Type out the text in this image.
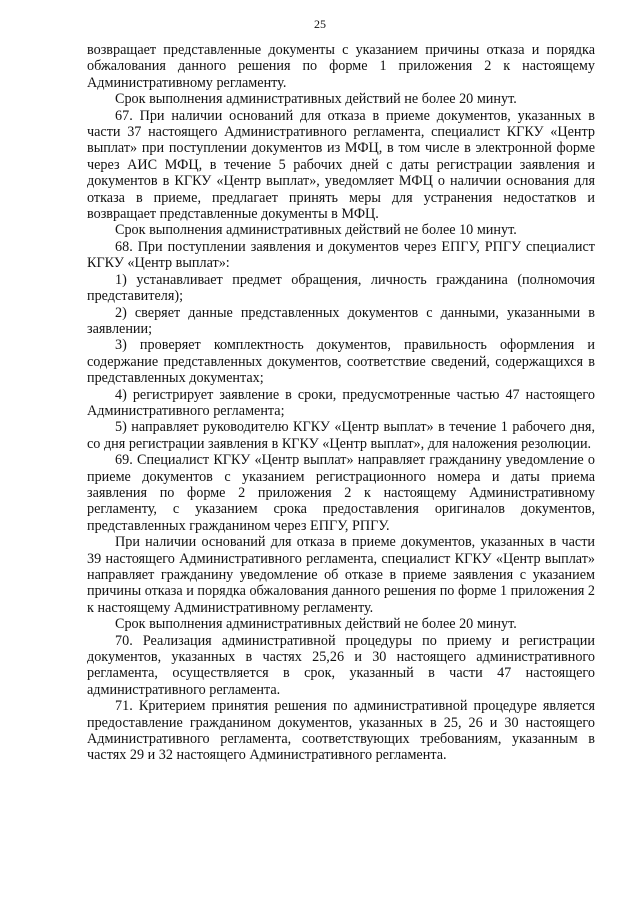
25

возвращает представленные документы с указанием причины отказа и порядка обжалования данного решения по форме 1 приложения 2 к настоящему Административному регламенту.

Срок выполнения административных действий не более 20 минут.

67. При наличии оснований для отказа в приеме документов, указанных в части 37 настоящего Административного регламента, специалист КГКУ «Центр выплат» при поступлении документов из МФЦ, в том числе в электронной форме через АИС МФЦ, в течение 5 рабочих дней с даты регистрации заявления и документов в КГКУ «Центр выплат», уведомляет МФЦ о наличии основания для отказа в приеме, предлагает принять меры для устранения недостатков и возвращает представленные документы в МФЦ.

Срок выполнения административных действий не более 10 минут.

68. При поступлении заявления и документов через ЕПГУ, РПГУ специалист КГКУ «Центр выплат»:

1) устанавливает предмет обращения, личность гражданина (полномочия представителя);

2) сверяет данные представленных документов с данными, указанными в заявлении;

3) проверяет комплектность документов, правильность оформления и содержание представленных документов, соответствие сведений, содержащихся в представленных документах;

4) регистрирует заявление в сроки, предусмотренные частью 47 настоящего Административного регламента;

5) направляет руководителю КГКУ «Центр выплат» в течение 1 рабочего дня, со дня регистрации заявления в КГКУ «Центр выплат», для наложения резолюции.

69. Специалист КГКУ «Центр выплат» направляет гражданину уведомление о приеме документов с указанием регистрационного номера и даты приема заявления по форме 2 приложения 2 к настоящему Административному регламенту, с указанием срока предоставления оригиналов документов, представленных гражданином через ЕПГУ, РПГУ.

При наличии оснований для отказа в приеме документов, указанных в части 39 настоящего Административного регламента, специалист КГКУ «Центр выплат» направляет гражданину уведомление об отказе в приеме заявления с указанием причины отказа и порядка обжалования данного решения по форме 1 приложения 2 к настоящему Административному регламенту.

Срок выполнения административных действий не более 20 минут.

70. Реализация административной процедуры по приему и регистрации документов, указанных в частях 25,26 и 30 настоящего административного регламента, осуществляется в срок, указанный в части 47 настоящего административного регламента.

71. Критерием принятия решения по административной процедуре является предоставление гражданином документов, указанных в 25, 26 и 30 настоящего Административного регламента, соответствующих требованиям, указанным в частях 29 и 32 настоящего Административного регламента.
